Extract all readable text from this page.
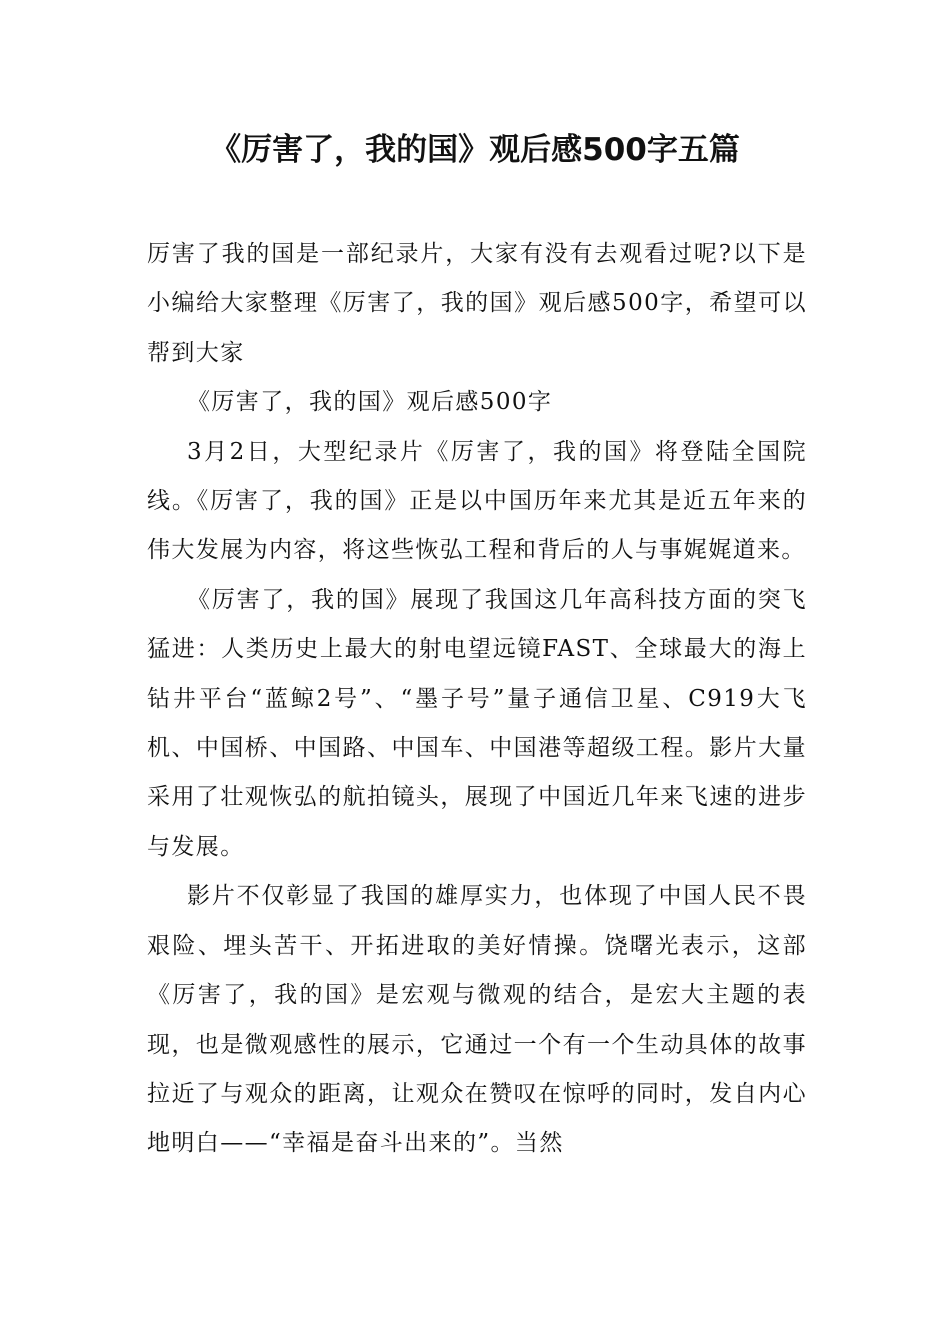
《厉害了，我的国》观后感500字五篇

厉害了我的国是一部纪录片，大家有没有去观看过呢?以下是小编给大家整理《厉害了，我的国》观后感500字，希望可以帮到大家

《厉害了，我的国》观后感500字

3月2日，大型纪录片《厉害了，我的国》将登陆全国院线。《厉害了，我的国》正是以中国历年来尤其是近五年来的伟大发展为内容，将这些恢弘工程和背后的人与事娓娓道来。

《厉害了，我的国》展现了我国这几年高科技方面的突飞猛进：人类历史上最大的射电望远镜FAST、全球最大的海上钻井平台“蓝鲸2号”、“墨子号”量子通信卫星、C919大飞机、中国桥、中国路、中国车、中国港等超级工程。影片大量采用了壮观恢弘的航拍镜头，展现了中国近几年来飞速的进步与发展。

影片不仅彰显了我国的雄厚实力，也体现了中国人民不畏艰险、埋头苦干、开拓进取的美好情操。饶曙光表示，这部《厉害了，我的国》是宏观与微观的结合，是宏大主题的表现，也是微观感性的展示，它通过一个有一个生动具体的故事拉近了与观众的距离，让观众在赞叹在惊呼的同时，发自内心地明白——“幸福是奋斗出来的”。当然
